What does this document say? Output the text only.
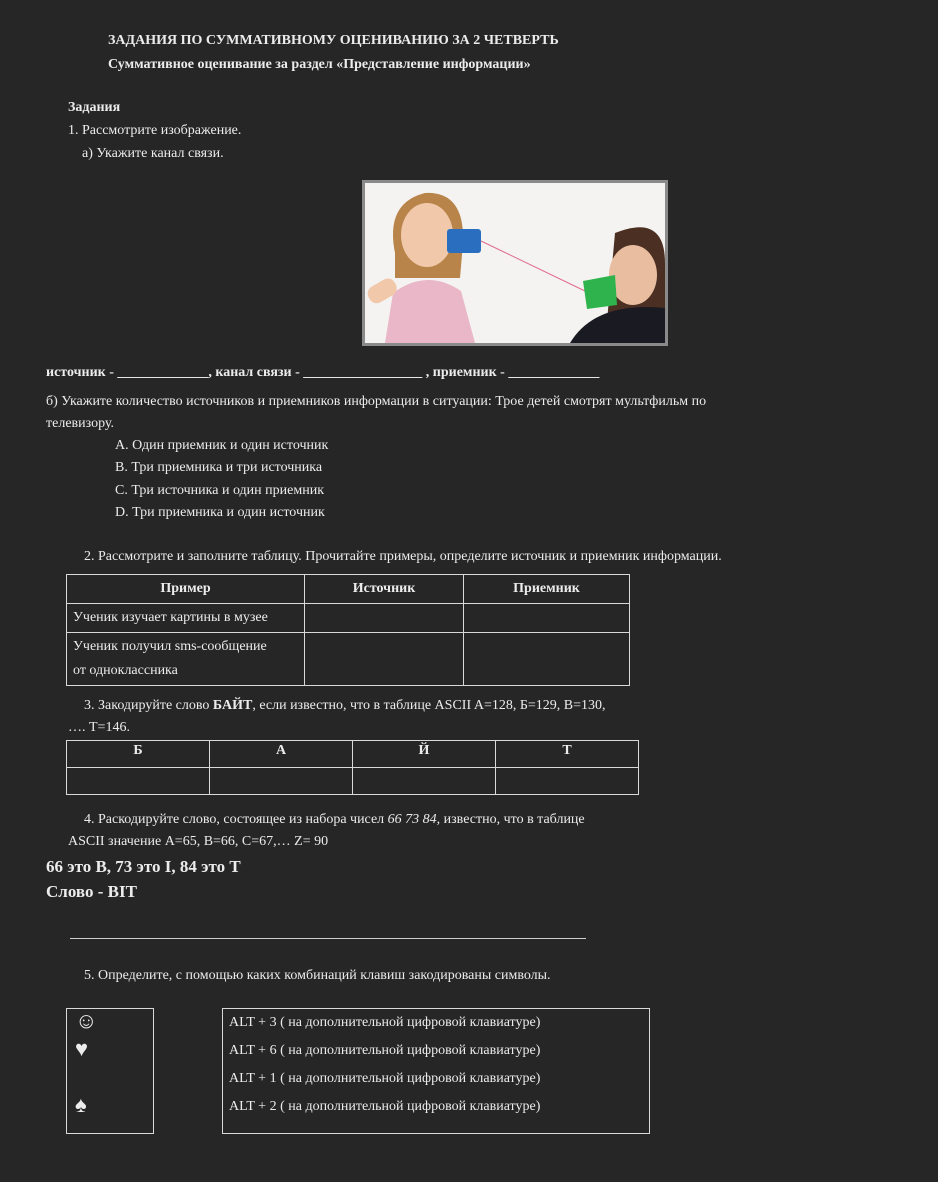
ЗАДАНИЯ ПО СУММАТИВНОМУ ОЦЕНИВАНИЮ ЗА 2 ЧЕТВЕРТЬ
Суммативное оценивание за раздел «Представление информации»
Задания
1. Рассмотрите изображение.
а) Укажите канал связи.
источник - _____________, канал связи - _________________ , приемник - _____________
б) Укажите количество источников и приемников информации в ситуации: Трое детей смотрят мультфильм по
телевизору.
A. Один приемник и один источник
B. Три приемника и три источника
C. Три источника и один приемник
D. Три приемника и один источник
2. Рассмотрите и заполните таблицу. Прочитайте примеры, определите источник и приемник информации.
Пример	Источник	Приемник
Ученик изучает картины в музее		

Ученик получил sms-сообщение
от одноклассника		

3. Закодируйте слово БАЙТ, если известно, что в таблице ASCII A=128, Б=129, В=130,
…. Т=146.
Б	А	Й	Т

4. Раскодируйте слово, состоящее из набора чисел 66 73 84, известно, что в таблице
ASCII значение A=65, B=66, C=67,… Z= 90
66 это B, 73 это I, 84 это T
Слово - BIT
5. Определите, с помощью каких комбинаций клавиш закодированы символы.
☺		ALT + 3 ( на дополнительной цифровой клавиатуре)
♥		ALT + 6 ( на дополнительной цифровой клавиатуре)
		ALT + 1 ( на дополнительной цифровой клавиатуре)
♠		ALT + 2 ( на дополнительной цифровой клавиатуре)
